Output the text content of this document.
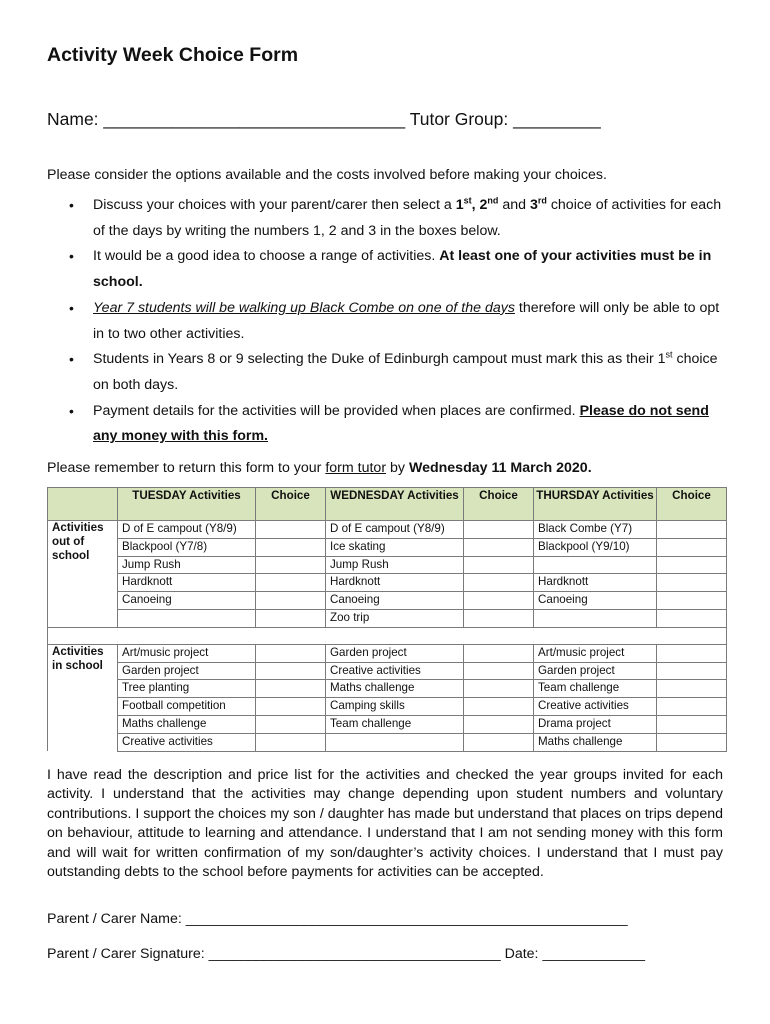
Activity Week Choice Form
Name: _______________________________ Tutor Group: _________
Please consider the options available and the costs involved before making your choices.
• Discuss your choices with your parent/carer then select a 1st, 2nd and 3rd choice of activities for each of the days by writing the numbers 1, 2 and 3 in the boxes below.
• It would be a good idea to choose a range of activities. At least one of your activities must be in school.
• Year 7 students will be walking up Black Combe on one of the days therefore will only be able to opt in to two other activities.
• Students in Years 8 or 9 selecting the Duke of Edinburgh campout must mark this as their 1st choice on both days.
• Payment details for the activities will be provided when places are confirmed. Please do not send any money with this form.
Please remember to return this form to your form tutor by Wednesday 11 March 2020.
	TUESDAY Activities	Choice	WEDNESDAY Activities	Choice	THURSDAY Activities	Choice
Activities out of school	D of E campout (Y8/9)		D of E campout (Y8/9)		Black Combe (Y7)	
	Blackpool (Y7/8)		Ice skating		Blackpool (Y9/10)	
	Jump Rush		Jump Rush			
	Hardknott		Hardknott		Hardknott	
	Canoeing		Canoeing		Canoeing	
			Zoo trip			

Activities in school	Art/music project		Garden project		Art/music project	
	Garden project		Creative activities		Garden project	
	Tree planting		Maths challenge		Team challenge	
	Football competition		Camping skills		Creative activities	
	Maths challenge		Team challenge		Drama project	
	Creative activities				Maths challenge	

I have read the description and price list for the activities and checked the year groups invited for each activity. I understand that the activities may change depending upon student numbers and voluntary contributions. I support the choices my son / daughter has made but understand that places on trips depend on behaviour, attitude to learning and attendance. I understand that I am not sending money with this form and will wait for written confirmation of my son/daughter’s activity choices. I understand that I must pay outstanding debts to the school before payments for activities can be accepted.

Parent / Carer Name: ________________________________________________________
Parent / Carer Signature: _____________________________________ Date: _____________
